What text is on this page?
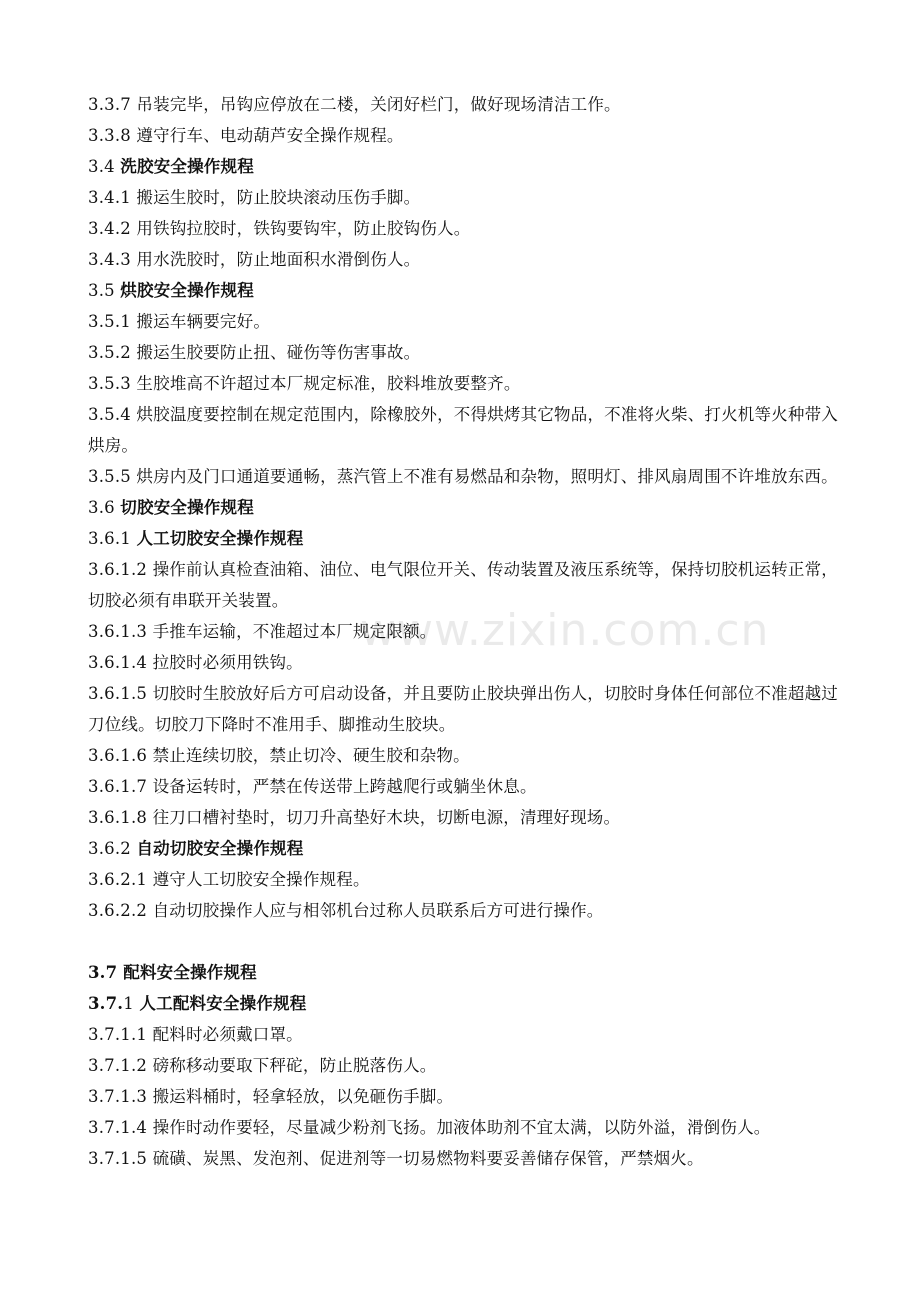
www.zixin.com.cn
3.3.7 吊装完毕，吊钩应停放在二楼，关闭好栏门，做好现场清洁工作。
3.3.8 遵守行车、电动葫芦安全操作规程。
3.4 洗胶安全操作规程
3.4.1 搬运生胶时，防止胶块滚动压伤手脚。
3.4.2 用铁钩拉胶时，铁钩要钩牢，防止胶钩伤人。
3.4.3 用水洗胶时，防止地面积水滑倒伤人。
3.5 烘胶安全操作规程
3.5.1 搬运车辆要完好。
3.5.2 搬运生胶要防止扭、碰伤等伤害事故。
3.5.3 生胶堆高不许超过本厂规定标准，胶料堆放要整齐。
3.5.4 烘胶温度要控制在规定范围内，除橡胶外，不得烘烤其它物品，不准将火柴、打火机等火种带入烘房。
3.5.5 烘房内及门口通道要通畅，蒸汽管上不准有易燃品和杂物，照明灯、排风扇周围不许堆放东西。
3.6 切胶安全操作规程
3.6.1 人工切胶安全操作规程
3.6.1.2 操作前认真检查油箱、油位、电气限位开关、传动装置及液压系统等，保持切胶机运转正常，切胶必须有串联开关装置。
3.6.1.3 手推车运输，不准超过本厂规定限额。
3.6.1.4 拉胶时必须用铁钩。
3.6.1.5 切胶时生胶放好后方可启动设备，并且要防止胶块弹出伤人，切胶时身体任何部位不准超越过刀位线。切胶刀下降时不准用手、脚推动生胶块。
3.6.1.6 禁止连续切胶，禁止切冷、硬生胶和杂物。
3.6.1.7 设备运转时，严禁在传送带上跨越爬行或躺坐休息。
3.6.1.8 往刀口槽衬垫时，切刀升高垫好木块，切断电源，清理好现场。
3.6.2 自动切胶安全操作规程
3.6.2.1 遵守人工切胶安全操作规程。
3.6.2.2 自动切胶操作人应与相邻机台过称人员联系后方可进行操作。
3.7 配料安全操作规程
3.7.1 人工配料安全操作规程
3.7.1.1 配料时必须戴口罩。
3.7.1.2 磅称移动要取下秤砣，防止脱落伤人。
3.7.1.3 搬运料桶时，轻拿轻放，以免砸伤手脚。
3.7.1.4 操作时动作要轻，尽量减少粉剂飞扬。加液体助剂不宜太满，以防外溢，滑倒伤人。
3.7.1.5 硫磺、炭黑、发泡剂、促进剂等一切易燃物料要妥善储存保管，严禁烟火。
